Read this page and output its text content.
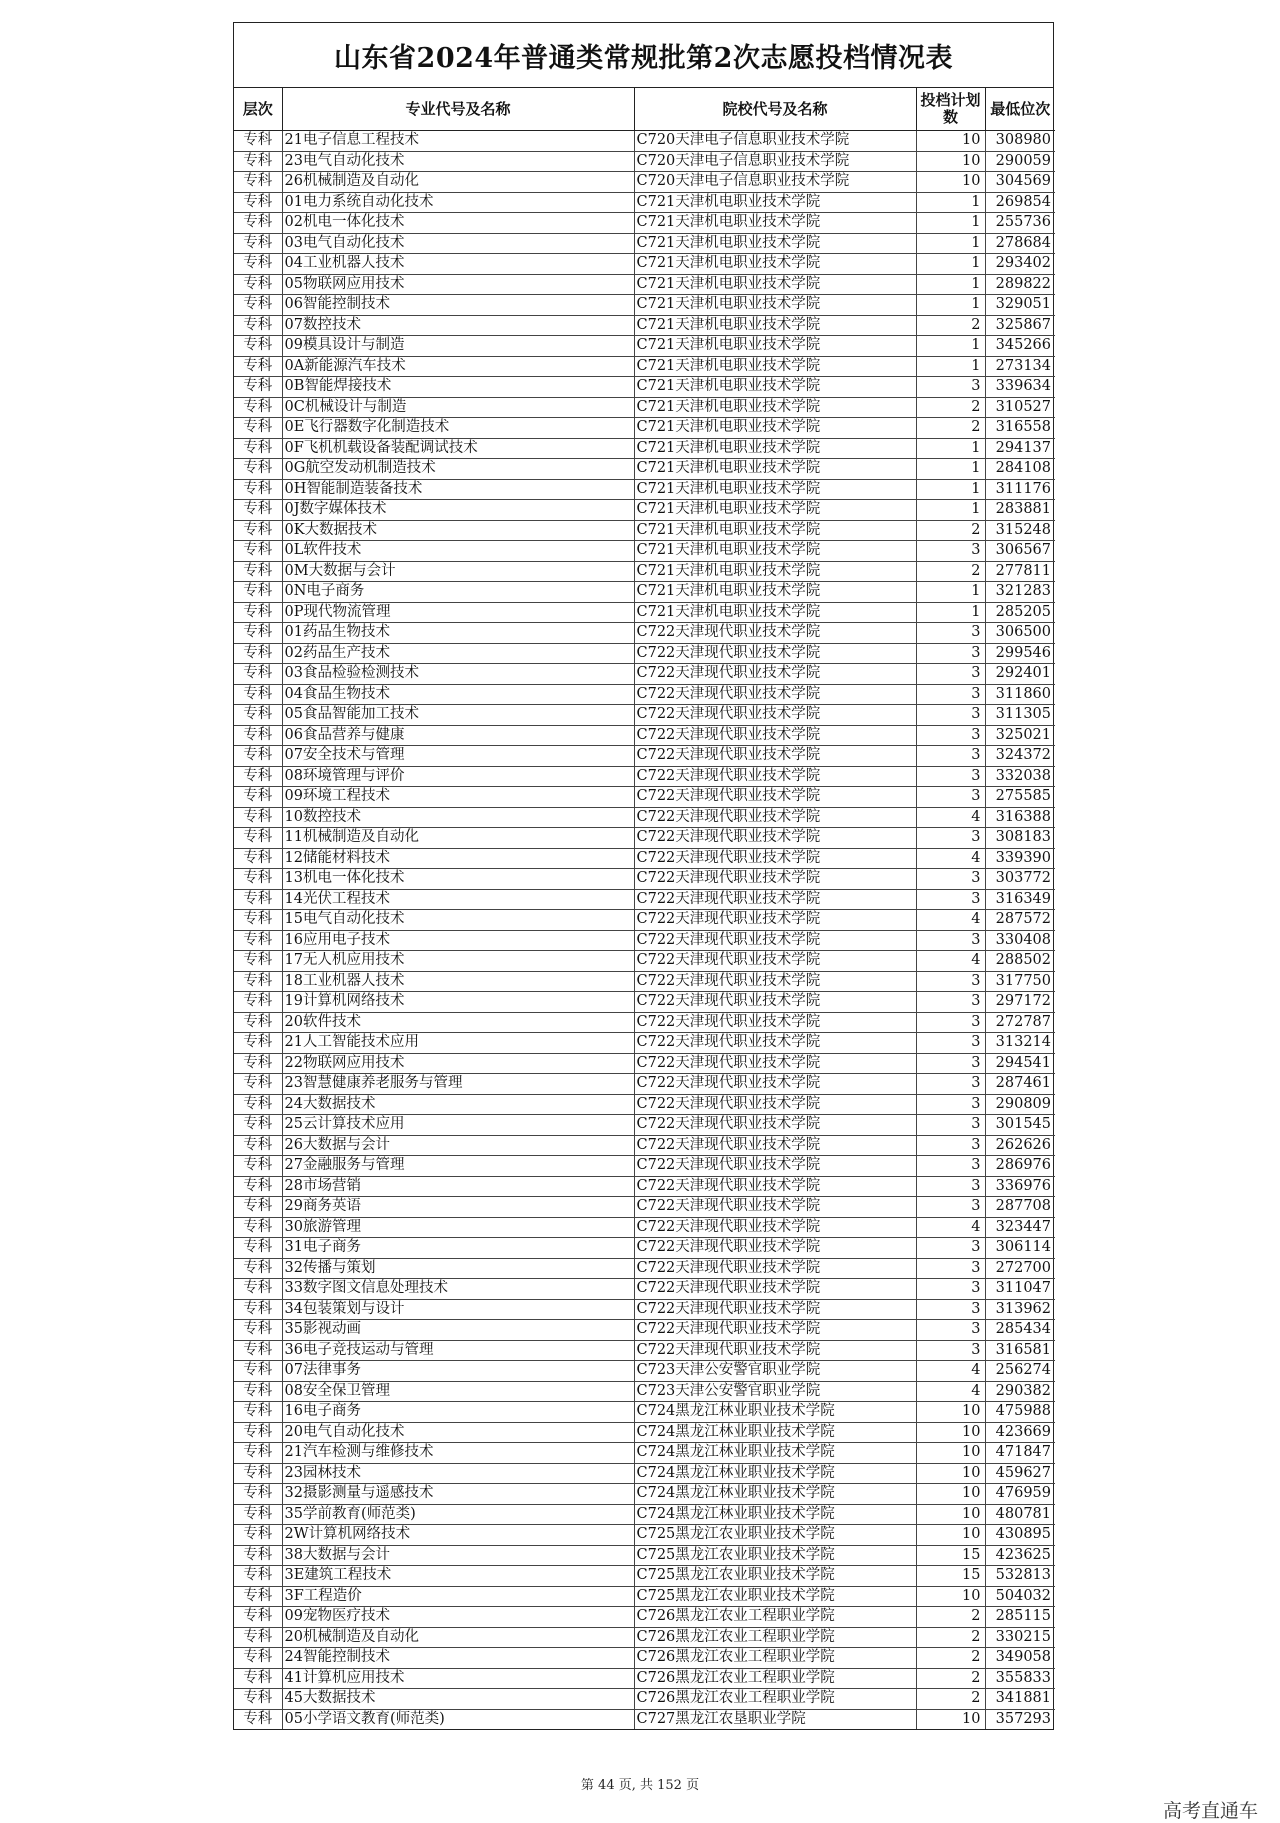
山东省2024年普通类常规批第2次志愿投档情况表
层次	专业代号及名称	院校代号及名称	投档计划数	最低位次
专科	21电子信息工程技术	C720天津电子信息职业技术学院	10	308980
专科	23电气自动化技术	C720天津电子信息职业技术学院	10	290059
专科	26机械制造及自动化	C720天津电子信息职业技术学院	10	304569
专科	01电力系统自动化技术	C721天津机电职业技术学院	1	269854
专科	02机电一体化技术	C721天津机电职业技术学院	1	255736
专科	03电气自动化技术	C721天津机电职业技术学院	1	278684
专科	04工业机器人技术	C721天津机电职业技术学院	1	293402
专科	05物联网应用技术	C721天津机电职业技术学院	1	289822
专科	06智能控制技术	C721天津机电职业技术学院	1	329051
专科	07数控技术	C721天津机电职业技术学院	2	325867
专科	09模具设计与制造	C721天津机电职业技术学院	1	345266
专科	0A新能源汽车技术	C721天津机电职业技术学院	1	273134
专科	0B智能焊接技术	C721天津机电职业技术学院	3	339634
专科	0C机械设计与制造	C721天津机电职业技术学院	2	310527
专科	0E飞行器数字化制造技术	C721天津机电职业技术学院	2	316558
专科	0F飞机机载设备装配调试技术	C721天津机电职业技术学院	1	294137
专科	0G航空发动机制造技术	C721天津机电职业技术学院	1	284108
专科	0H智能制造装备技术	C721天津机电职业技术学院	1	311176
专科	0J数字媒体技术	C721天津机电职业技术学院	1	283881
专科	0K大数据技术	C721天津机电职业技术学院	2	315248
专科	0L软件技术	C721天津机电职业技术学院	3	306567
专科	0M大数据与会计	C721天津机电职业技术学院	2	277811
专科	0N电子商务	C721天津机电职业技术学院	1	321283
专科	0P现代物流管理	C721天津机电职业技术学院	1	285205
专科	01药品生物技术	C722天津现代职业技术学院	3	306500
专科	02药品生产技术	C722天津现代职业技术学院	3	299546
专科	03食品检验检测技术	C722天津现代职业技术学院	3	292401
专科	04食品生物技术	C722天津现代职业技术学院	3	311860
专科	05食品智能加工技术	C722天津现代职业技术学院	3	311305
专科	06食品营养与健康	C722天津现代职业技术学院	3	325021
专科	07安全技术与管理	C722天津现代职业技术学院	3	324372
专科	08环境管理与评价	C722天津现代职业技术学院	3	332038
专科	09环境工程技术	C722天津现代职业技术学院	3	275585
专科	10数控技术	C722天津现代职业技术学院	4	316388
专科	11机械制造及自动化	C722天津现代职业技术学院	3	308183
专科	12储能材料技术	C722天津现代职业技术学院	4	339390
专科	13机电一体化技术	C722天津现代职业技术学院	3	303772
专科	14光伏工程技术	C722天津现代职业技术学院	3	316349
专科	15电气自动化技术	C722天津现代职业技术学院	4	287572
专科	16应用电子技术	C722天津现代职业技术学院	3	330408
专科	17无人机应用技术	C722天津现代职业技术学院	4	288502
专科	18工业机器人技术	C722天津现代职业技术学院	3	317750
专科	19计算机网络技术	C722天津现代职业技术学院	3	297172
专科	20软件技术	C722天津现代职业技术学院	3	272787
专科	21人工智能技术应用	C722天津现代职业技术学院	3	313214
专科	22物联网应用技术	C722天津现代职业技术学院	3	294541
专科	23智慧健康养老服务与管理	C722天津现代职业技术学院	3	287461
专科	24大数据技术	C722天津现代职业技术学院	3	290809
专科	25云计算技术应用	C722天津现代职业技术学院	3	301545
专科	26大数据与会计	C722天津现代职业技术学院	3	262626
专科	27金融服务与管理	C722天津现代职业技术学院	3	286976
专科	28市场营销	C722天津现代职业技术学院	3	336976
专科	29商务英语	C722天津现代职业技术学院	3	287708
专科	30旅游管理	C722天津现代职业技术学院	4	323447
专科	31电子商务	C722天津现代职业技术学院	3	306114
专科	32传播与策划	C722天津现代职业技术学院	3	272700
专科	33数字图文信息处理技术	C722天津现代职业技术学院	3	311047
专科	34包装策划与设计	C722天津现代职业技术学院	3	313962
专科	35影视动画	C722天津现代职业技术学院	3	285434
专科	36电子竞技运动与管理	C722天津现代职业技术学院	3	316581
专科	07法律事务	C723天津公安警官职业学院	4	256274
专科	08安全保卫管理	C723天津公安警官职业学院	4	290382
专科	16电子商务	C724黑龙江林业职业技术学院	10	475988
专科	20电气自动化技术	C724黑龙江林业职业技术学院	10	423669
专科	21汽车检测与维修技术	C724黑龙江林业职业技术学院	10	471847
专科	23园林技术	C724黑龙江林业职业技术学院	10	459627
专科	32摄影测量与遥感技术	C724黑龙江林业职业技术学院	10	476959
专科	35学前教育(师范类)	C724黑龙江林业职业技术学院	10	480781
专科	2W计算机网络技术	C725黑龙江农业职业技术学院	10	430895
专科	38大数据与会计	C725黑龙江农业职业技术学院	15	423625
专科	3E建筑工程技术	C725黑龙江农业职业技术学院	15	532813
专科	3F工程造价	C725黑龙江农业职业技术学院	10	504032
专科	09宠物医疗技术	C726黑龙江农业工程职业学院	2	285115
专科	20机械制造及自动化	C726黑龙江农业工程职业学院	2	330215
专科	24智能控制技术	C726黑龙江农业工程职业学院	2	349058
专科	41计算机应用技术	C726黑龙江农业工程职业学院	2	355833
专科	45大数据技术	C726黑龙江农业工程职业学院	2	341881
专科	05小学语文教育(师范类)	C727黑龙江农垦职业学院	10	357293
第 44 页, 共 152 页
高考直通车
